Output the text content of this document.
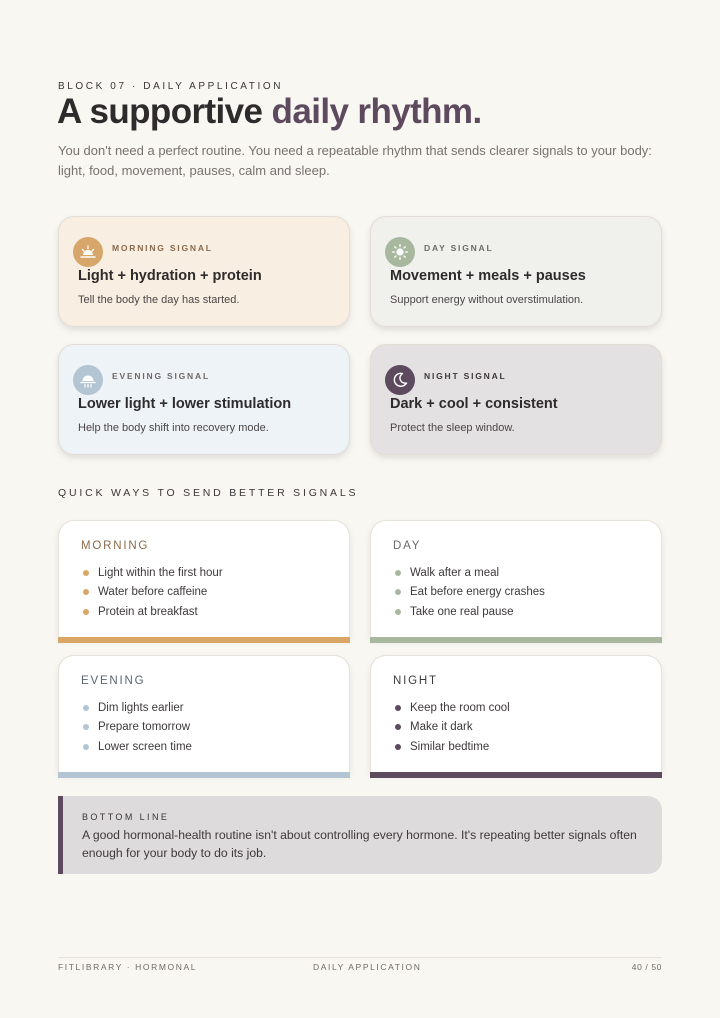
BLOCK 07 · DAILY APPLICATION
A supportive daily rhythm.

You don't need a perfect routine. You need a repeatable rhythm that sends clearer signals to your body: light, food, movement, pauses, calm and sleep.

MORNING SIGNAL
Light + hydration + protein
Tell the body the day has started.
DAY SIGNAL
Movement + meals + pauses
Support energy without overstimulation.
EVENING SIGNAL
Lower light + lower stimulation
Help the body shift into recovery mode.
NIGHT SIGNAL
Dark + cool + consistent
Protect the sleep window.
QUICK WAYS TO SEND BETTER SIGNALS
MORNING
Light within the first hour
Water before caffeine
Protein at breakfast
DAY
Walk after a meal
Eat before energy crashes
Take one real pause
EVENING
Dim lights earlier
Prepare tomorrow
Lower screen time
NIGHT
Keep the room cool
Make it dark
Similar bedtime
BOTTOM LINE

A good hormonal-health routine isn't about controlling every hormone. It's repeating better signals often enough for your body to do its job.

FITLIBRARY · HORMONAL	DAILY APPLICATION	40 / 50
